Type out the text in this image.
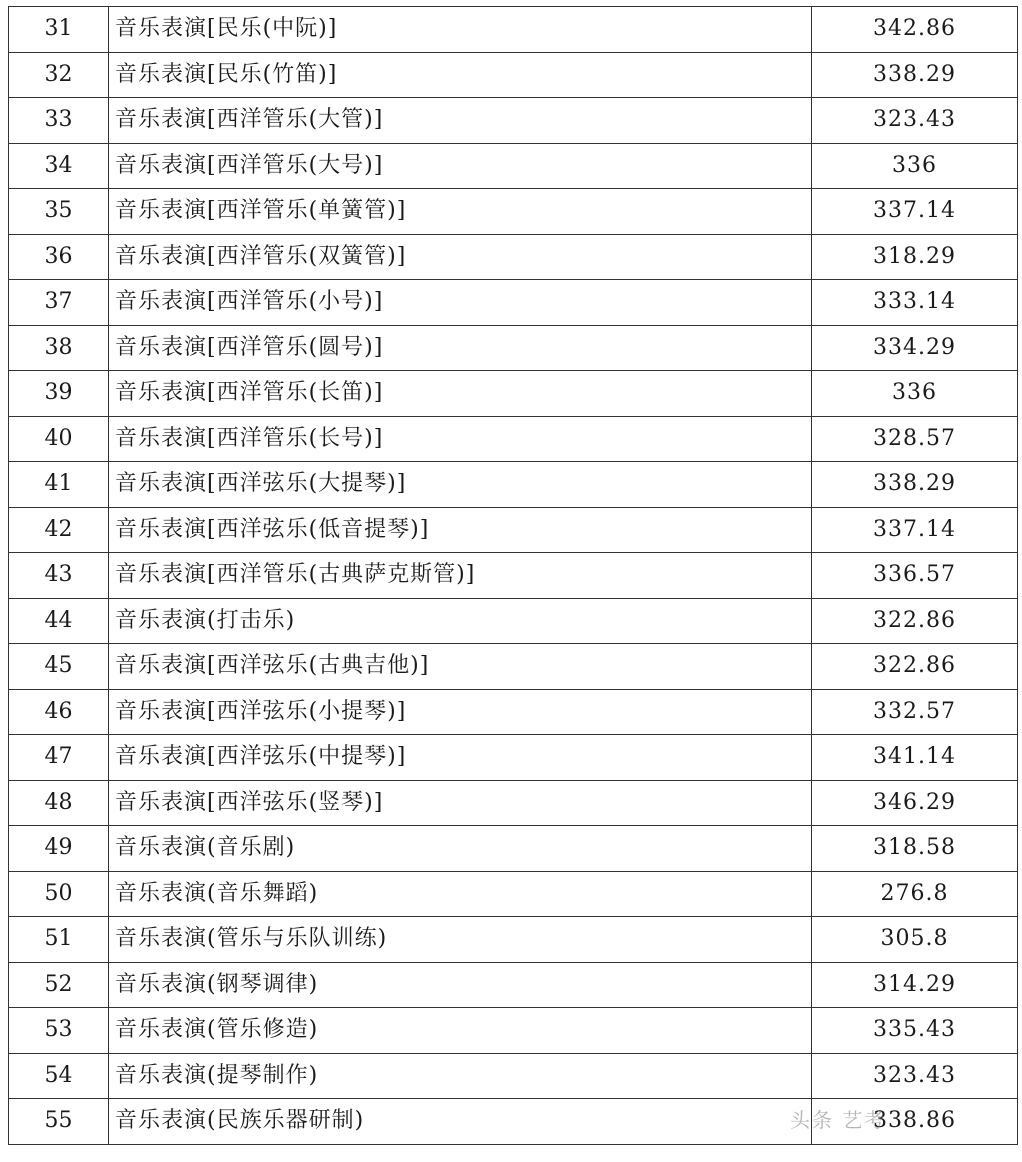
31	音乐表演[民乐(中阮)]	342.86
32	音乐表演[民乐(竹笛)]	338.29
33	音乐表演[西洋管乐(大管)]	323.43
34	音乐表演[西洋管乐(大号)]	336
35	音乐表演[西洋管乐(单簧管)]	337.14
36	音乐表演[西洋管乐(双簧管)]	318.29
37	音乐表演[西洋管乐(小号)]	333.14
38	音乐表演[西洋管乐(圆号)]	334.29
39	音乐表演[西洋管乐(长笛)]	336
40	音乐表演[西洋管乐(长号)]	328.57
41	音乐表演[西洋弦乐(大提琴)]	338.29
42	音乐表演[西洋弦乐(低音提琴)]	337.14
43	音乐表演[西洋管乐(古典萨克斯管)]	336.57
44	音乐表演(打击乐)	322.86
45	音乐表演[西洋弦乐(古典吉他)]	322.86
46	音乐表演[西洋弦乐(小提琴)]	332.57
47	音乐表演[西洋弦乐(中提琴)]	341.14
48	音乐表演[西洋弦乐(竖琴)]	346.29
49	音乐表演(音乐剧)	318.58
50	音乐表演(音乐舞蹈)	276.8
51	音乐表演(管乐与乐队训练)	305.8
52	音乐表演(钢琴调律)	314.29
53	音乐表演(管乐修造)	335.43
54	音乐表演(提琴制作)	323.43
55	音乐表演(民族乐器研制)	338.86
头条 艺考
